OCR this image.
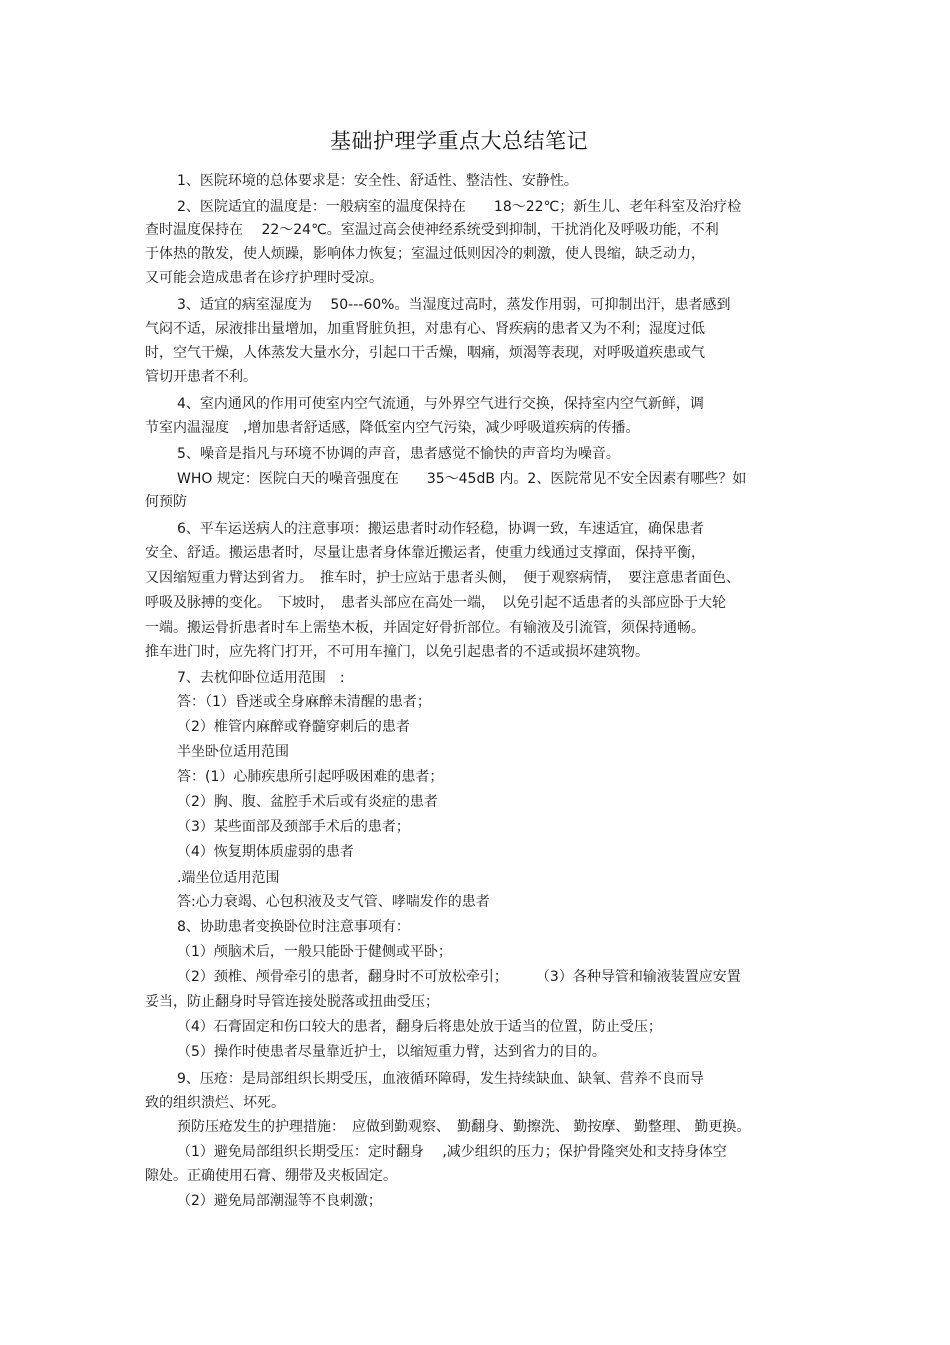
基础护理学重点大总结笔记
1、医院环境的总体要求是：安全性、舒适性、整洁性、安静性。
2、医院适宜的温度是：一般病室的温度保持在　　18～22℃；新生儿、老年科室及治疗检
查时温度保持在　 22～24℃。室温过高会使神经系统受到抑制，干扰消化及呼吸功能，不利
于体热的散发，使人烦躁，影响体力恢复；室温过低则因冷的刺激，使人畏缩，缺乏动力，
又可能会造成患者在诊疗护理时受凉。
3、适宜的病室湿度为　 50---60%。当湿度过高时，蒸发作用弱，可抑制出汗，患者感到
气闷不适，尿液排出量增加，加重肾脏负担，对患有心、肾疾病的患者又为不利；湿度过低
时，空气干燥，人体蒸发大量水分，引起口干舌燥，咽痛，烦渴等表现，对呼吸道疾患或气
管切开患者不利。
4、室内通风的作用可使室内空气流通，与外界空气进行交换，保持室内空气新鲜，调
节室内温湿度　,增加患者舒适感，降低室内空气污染，减少呼吸道疾病的传播。
5、噪音是指凡与环境不协调的声音，患者感觉不愉快的声音均为噪音。
WHO 规定：医院白天的噪音强度在　　35～45dB 内。2、医院常见不安全因素有哪些？如
何预防
6、平车运送病人的注意事项：搬运患者时动作轻稳，协调一致，车速适宜，确保患者
安全、舒适。搬运患者时，尽量让患者身体靠近搬运者，使重力线通过支撑面，保持平衡，
又因缩短重力臂达到省力。　推车时，护士应站于患者头侧，　便于观察病情，　要注意患者面色、
呼吸及脉搏的变化。　下坡时，　患者头部应在高处一端，　以免引起不适患者的头部应卧于大轮
一端。搬运骨折患者时车上需垫木板，并固定好骨折部位。有输液及引流管，须保持通畅。
推车进门时，应先将门打开，不可用车撞门，以免引起患者的不适或损坏建筑物。
7、去枕仰卧位适用范围　:
答：（1）昏迷或全身麻醉未清醒的患者；
（2）椎管内麻醉或脊髓穿刺后的患者
半坐卧位适用范围
答：(1）心肺疾患所引起呼吸困难的患者；
（2）胸、腹、盆腔手术后或有炎症的患者
（3）某些面部及颈部手术后的患者；
（4）恢复期体质虚弱的患者
.端坐位适用范围
答:心力衰竭、心包积液及支气管、哮喘发作的患者
8、协助患者变换卧位时注意事项有：
（1）颅脑术后，一般只能卧于健侧或平卧；
（2）颈椎、颅骨牵引的患者，翻身时不可放松牵引；　　　（3）各种导管和输液装置应安置
妥当，防止翻身时导管连接处脱落或扭曲受压；
（4）石膏固定和伤口较大的患者，翻身后将患处放于适当的位置，防止受压；
（5）操作时使患者尽量靠近护士，以缩短重力臂，达到省力的目的。
9、压疮：是局部组织长期受压，血液循环障碍，发生持续缺血、缺氧、营养不良而导
致的组织溃烂、坏死。
预防压疮发生的护理措施：　应做到勤观察、　勤翻身、勤擦洗、 勤按摩、 勤整理、 勤更换。
（1）避免局部组织长期受压：定时翻身　 ,减少组织的压力；保护骨隆突处和支持身体空
隙处。正确使用石膏、绷带及夹板固定。
（2）避免局部潮湿等不良刺激；
